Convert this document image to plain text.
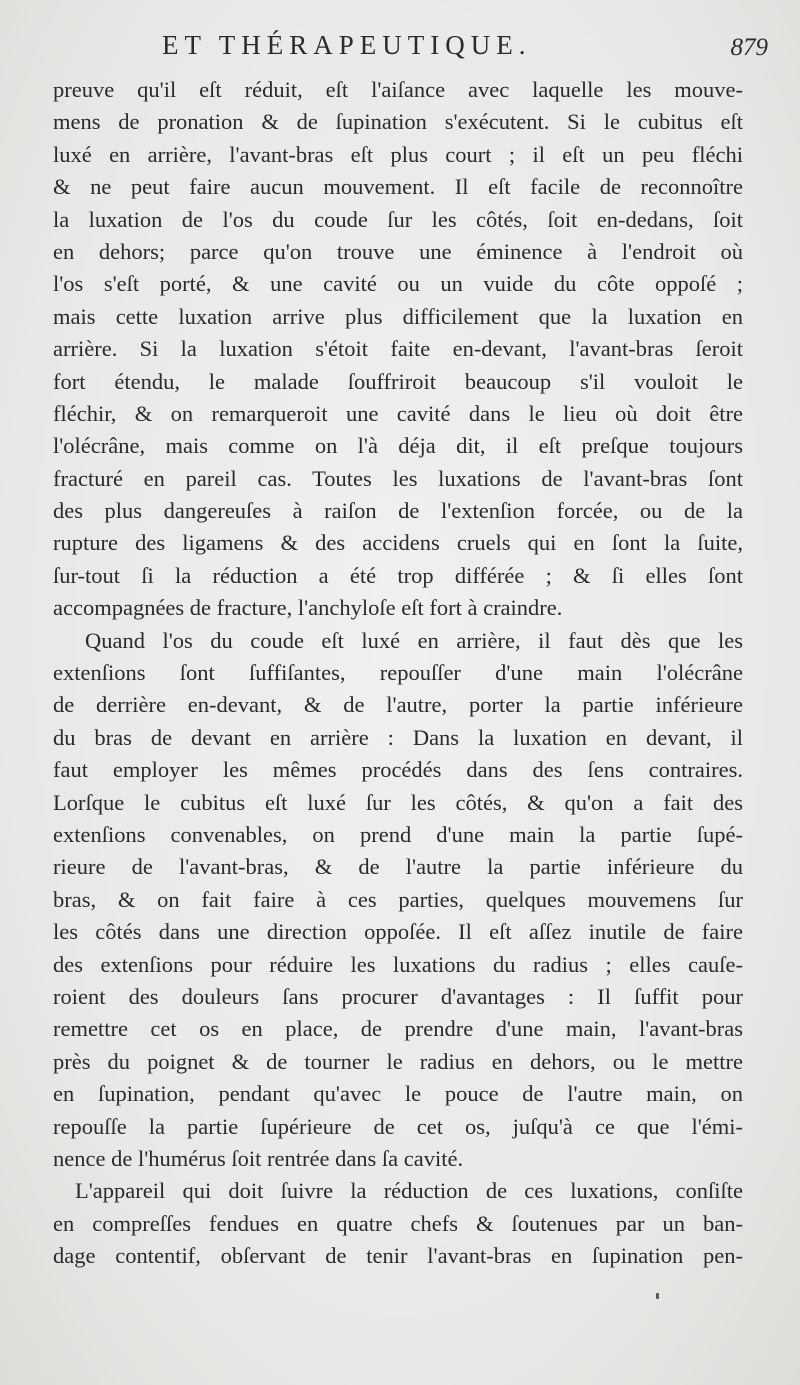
ET THÉRAPEUTIQUE.	879
preuve qu'il eſt réduit, eſt l'aiſance avec laquelle les mouve-
mens de pronation & de ſupination s'exécutent. Si le cubitus eſt
luxé en arrière, l'avant-bras eſt plus court ; il eſt un peu fléchi
& ne peut faire aucun mouvement. Il eſt facile de reconnoître
la luxation de l'os du coude ſur les côtés, ſoit en-dedans, ſoit
en dehors; parce qu'on trouve une éminence à l'endroit où
l'os s'eſt porté, & une cavité ou un vuide du côte oppoſé ;
mais cette luxation arrive plus difficilement que la luxation en
arrière. Si la luxation s'étoit faite en-devant, l'avant-bras ſeroit
fort étendu, le malade ſouffriroit beaucoup s'il vouloit le
fléchir, & on remarqueroit une cavité dans le lieu où doit être
l'olécrâne, mais comme on l'à déja dit, il eſt preſque toujours
fracturé en pareil cas. Toutes les luxations de l'avant-bras ſont
des plus dangereuſes à raiſon de l'extenſion forcée, ou de la
rupture des ligamens & des accidens cruels qui en ſont la ſuite,
ſur-tout ſi la réduction a été trop différée ; & ſi elles ſont
accompagnées de fracture, l'anchyloſe eſt fort à craindre.
Quand l'os du coude eſt luxé en arrière, il faut dès que les
extenſions ſont ſuffiſantes, repouſſer d'une main l'olécrâne
de derrière en-devant, & de l'autre, porter la partie inférieure
du bras de devant en arrière : Dans la luxation en devant, il
faut employer les mêmes procédés dans des ſens contraires.
Lorſque le cubitus eſt luxé ſur les côtés, & qu'on a fait des
extenſions convenables, on prend d'une main la partie ſupé-
rieure de l'avant-bras, & de l'autre la partie inférieure du
bras, & on fait faire à ces parties, quelques mouvemens ſur
les côtés dans une direction oppoſée. Il eſt aſſez inutile de faire
des extenſions pour réduire les luxations du radius ; elles cauſe-
roient des douleurs ſans procurer d'avantages : Il ſuffit pour
remettre cet os en place, de prendre d'une main, l'avant-bras
près du poignet & de tourner le radius en dehors, ou le mettre
en ſupination, pendant qu'avec le pouce de l'autre main, on
repouſſe la partie ſupérieure de cet os, juſqu'à ce que l'émi-
nence de l'humérus ſoit rentrée dans ſa cavité.
L'appareil qui doit ſuivre la réduction de ces luxations, conſiſte
en compreſſes fendues en quatre chefs & ſoutenues par un ban-
dage contentif, obſervant de tenir l'avant-bras en ſupination pen-
